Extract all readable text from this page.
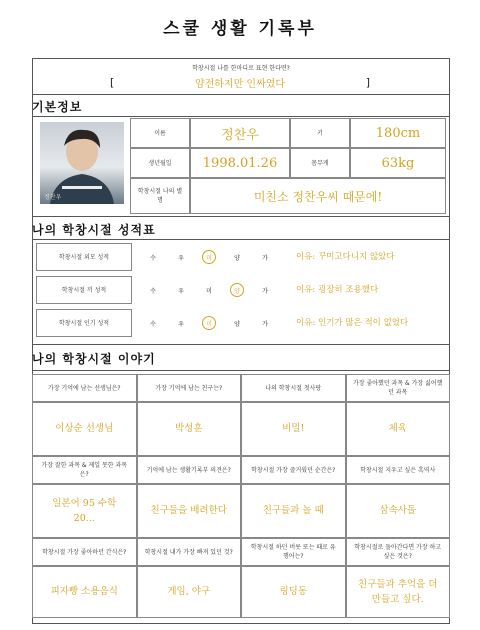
스쿨 생활 기록부
학창시절 나를 한마디로 표현 한다면?
[	얌전하지만 인싸였다	]
기본정보
정찬우
이름	정찬우	키	180cm
생년월일	1998.01.26	몸무게	63kg
학창시절 나의 별명	미친소 정찬우씨 때문에!
나의 학창시절 성적표
학창시절 외모 성적	수	우	미	양	가	이유: 꾸미고다니지 않았다
학창시절 끼 성적	수	우	미	양	가	이유: 굉장히 조용했다
학창시절 인기 성적	수	우	미	양	가	이유: 인기가 많은 적이 없었다
나의 학창시절 이야기
가장 기억에 남는 선생님은?
이상순 선생님
가장 기억에 남는 친구는?
박성훈
나의 학창시절 첫사랑
비밀!
가장 좋아했던 과목 & 가장 싫어했던 과목
체육
가장 잘한 과목 & 제일 못한 과목은?
일본어 95 수학 20...
기억에 남는 생활기록부 의견은?
친구들을 배려한다
학창시절 가장 즐거웠던 순간은?
친구들과 놀 때
학창시절 지우고 싶은 흑역사
삼속사돌
학창시절 가장 좋아하던 간식은?
피자빵 소용음식
학창시절 내가 가장 빠져 있던 것?
게임, 야구
학창시절 하던 버릇 또는 때로 유행어는?
링딩동
학창시절로 돌아간다면 가장 하고 싶은 것은?
친구들과 추억을 더 만들고 싶다.
